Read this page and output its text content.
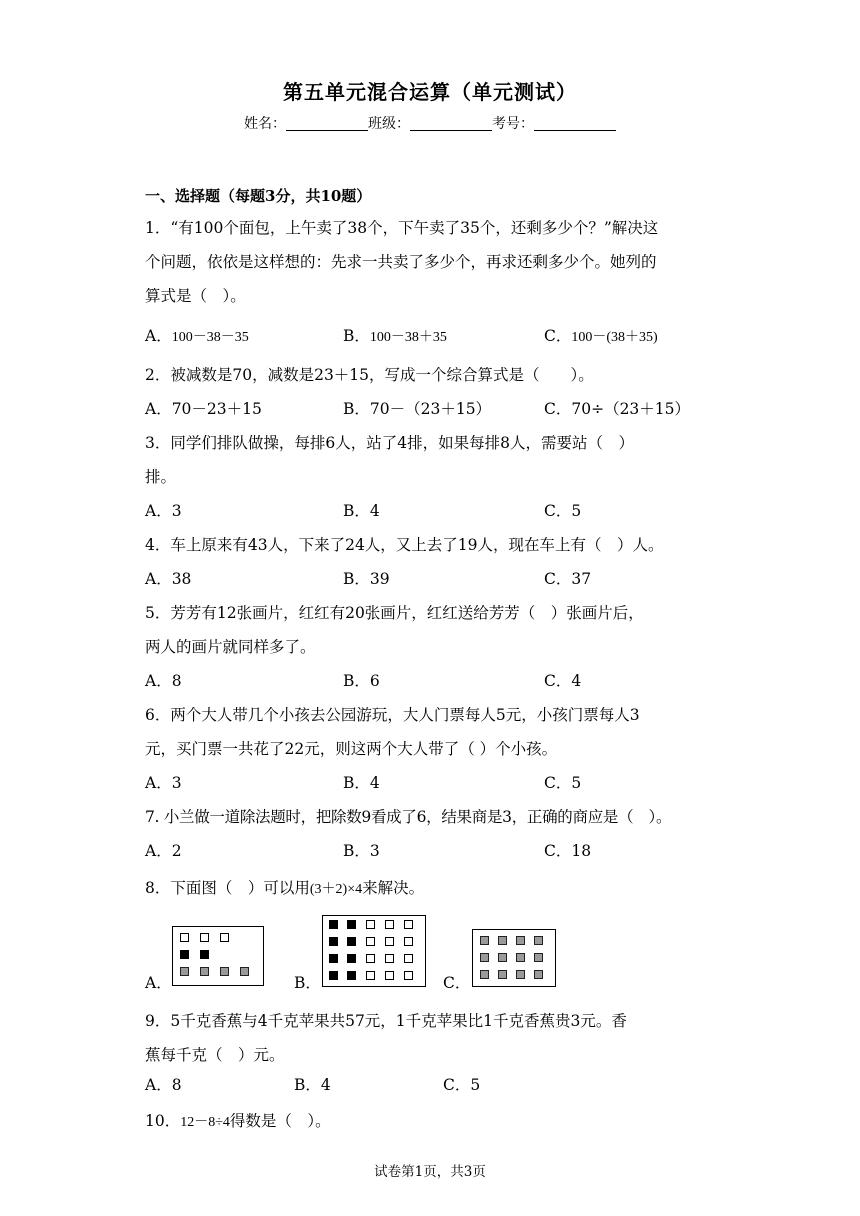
第五单元混合运算（单元测试）
姓名：	班级：	考号：
一、选择题（每题3分，共10题）
1．“有100个面包，上午卖了38个，下午卖了35个，还剩多少个？”解决这
个问题，依依是这样想的：先求一共卖了多少个，再求还剩多少个。她列的
算式是（　）。
A．100－38－35	B．100－38＋35	C．100－(38＋35)
2．被减数是70，减数是23＋15，写成一个综合算式是（　　）。
A．70－23＋15	B．70－（23＋15）	C．70÷（23＋15）
3．同学们排队做操，每排6人，站了4排，如果每排8人，需要站（　）
排。
A．3	B．4	C．5
4．车上原来有43人，下来了24人，又上去了19人，现在车上有（　）人。
A．38	B．39	C．37
5．芳芳有12张画片，红红有20张画片，红红送给芳芳（　）张画片后，
两人的画片就同样多了。
A．8	B．6	C．4
6．两个大人带几个小孩去公园游玩，大人门票每人5元，小孩门票每人3
元，买门票一共花了22元，则这两个大人带了（ ）个小孩。
A．3	B．4	C．5
7. 小兰做一道除法题时，把除数9看成了6，结果商是3，正确的商应是（　）。
A．2	B．3	C．18
8．下面图（　）可以用(3＋2)×4来解决。
A．	B．	C．
9．5千克香蕉与4千克苹果共57元，1千克苹果比1千克香蕉贵3元。香
蕉每千克（　）元。
A．8	B．4	C．5
10．12－8÷4得数是（　）。
试卷第1页，共3页
